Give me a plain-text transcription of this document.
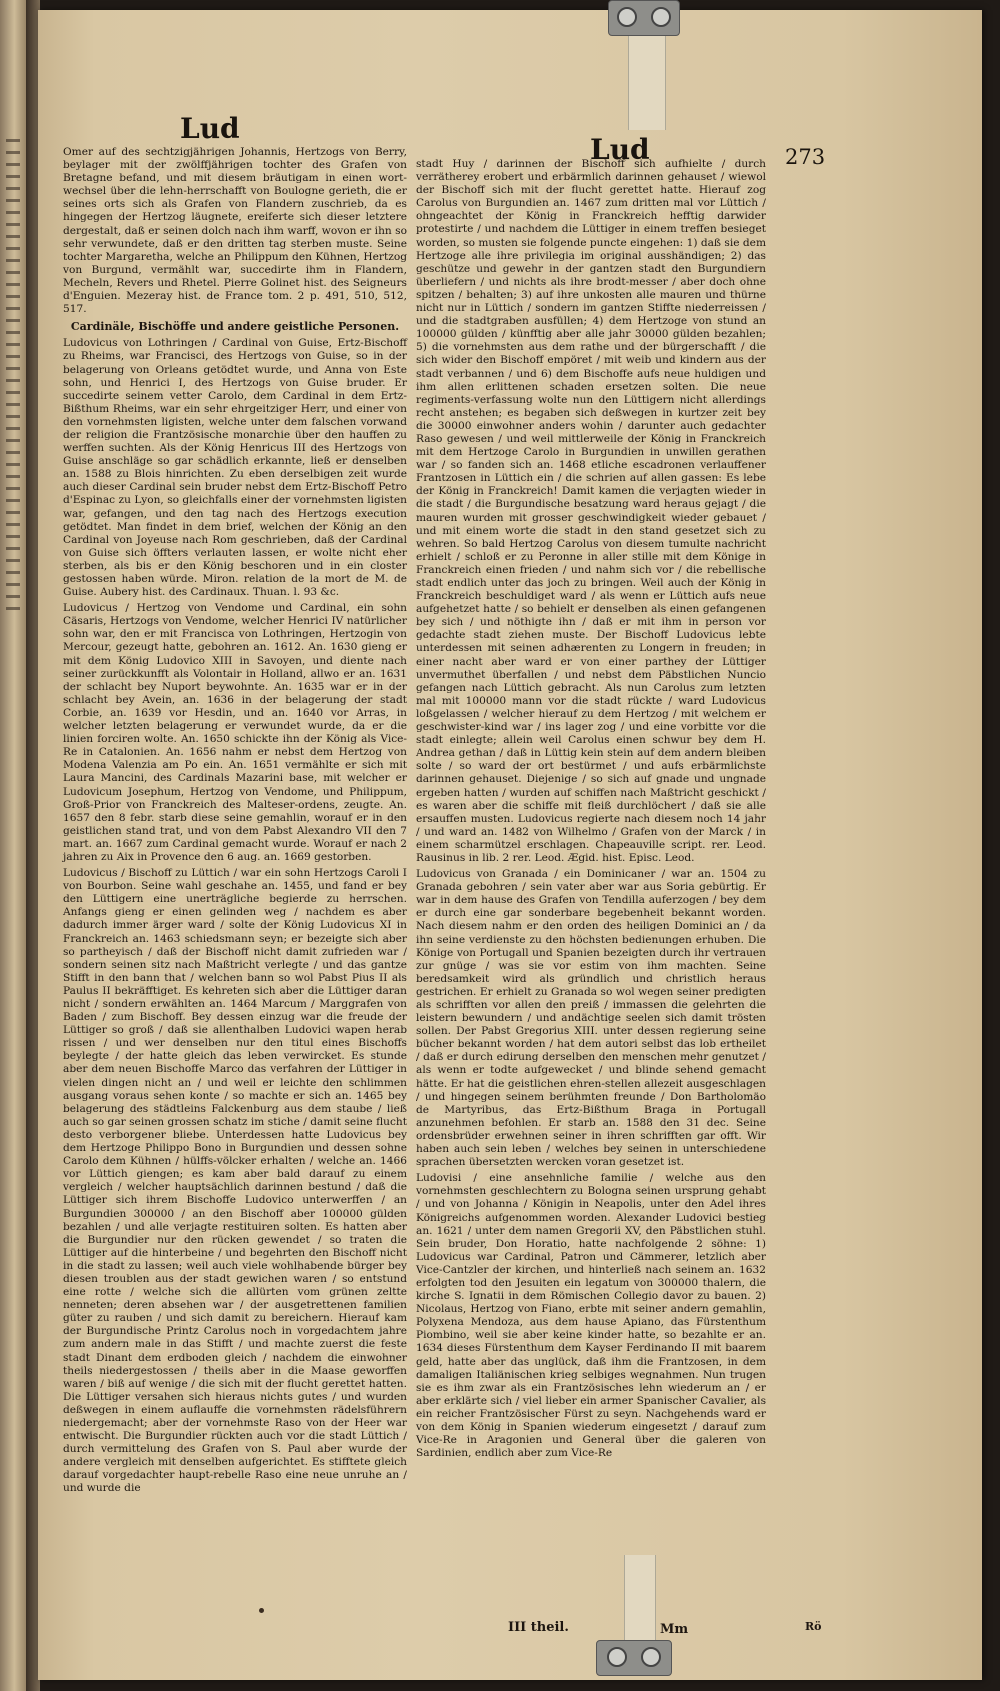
Lud
Lud	273

Omer auf des sechtzigjährigen Johannis, Hertzogs von Berry, beylager mit der zwölffjährigen tochter des Grafen von Bretagne befand, und mit diesem bräutigam in einen wort-wechsel über die lehn-herrschafft von Boulogne gerieth, die er seines orts sich als Grafen von Flandern zuschrieb, da es hingegen der Hertzog läugnete, ereiferte sich dieser letztere dergestalt, daß er seinen dolch nach ihm warff, wovon er ihn so sehr verwundete, daß er den dritten tag sterben muste. Seine tochter Margaretha, welche an Philippum den Kühnen, Hertzog von Burgund, vermählt war, succedirte ihm in Flandern, Mecheln, Revers und Rhetel. Pierre Golinet hist. des Seigneurs d'Enguien. Mezeray hist. de France tom. 2 p. 491, 510, 512, 517.

Cardinäle, Bischöffe und andere geistliche Personen.

Ludovicus von Lothringen / Cardinal von Guise, Ertz-Bischoff zu Rheims, war Francisci, des Hertzogs von Guise, so in der belagerung von Orleans getödtet wurde, und Anna von Este sohn, und Henrici I, des Hertzogs von Guise bruder. Er succedirte seinem vetter Carolo, dem Cardinal in dem Ertz-Bißthum Rheims, war ein sehr ehrgeitziger Herr, und einer von den vornehmsten ligisten, welche unter dem falschen vorwand der religion die Frantzösische monarchie über den hauffen zu werffen suchten. Als der König Henricus III des Hertzogs von Guise anschläge so gar schädlich erkannte, ließ er denselben an. 1588 zu Blois hinrichten. Zu eben derselbigen zeit wurde auch dieser Cardinal sein bruder nebst dem Ertz-Bischoff Petro d'Espinac zu Lyon, so gleichfalls einer der vornehmsten ligisten war, gefangen, und den tag nach des Hertzogs execution getödtet. Man findet in dem brief, welchen der König an den Cardinal von Joyeuse nach Rom geschrieben, daß der Cardinal von Guise sich öffters verlauten lassen, er wolte nicht eher sterben, als bis er den König beschoren und in ein closter gestossen haben würde. Miron. relation de la mort de M. de Guise. Aubery hist. des Cardinaux. Thuan. l. 93 &c.

Ludovicus / Hertzog von Vendome und Cardinal, ein sohn Cäsaris, Hertzogs von Vendome, welcher Henrici IV natürlicher sohn war, den er mit Francisca von Lothringen, Hertzogin von Mercour, gezeugt hatte, gebohren an. 1612. An. 1630 gieng er mit dem König Ludovico XIII in Savoyen, und diente nach seiner zurückkunfft als Volontair in Holland, allwo er an. 1631 der schlacht bey Nuport beywohnte. An. 1635 war er in der schlacht bey Avein, an. 1636 in der belagerung der stadt Corbie, an. 1639 vor Hesdin, und an. 1640 vor Arras, in welcher letzten belagerung er verwundet wurde, da er die linien forciren wolte. An. 1650 schickte ihn der König als Vice-Re in Catalonien. An. 1656 nahm er nebst dem Hertzog von Modena Valenzia am Po ein. An. 1651 vermählte er sich mit Laura Mancini, des Cardinals Mazarini base, mit welcher er Ludovicum Josephum, Hertzog von Vendome, und Philippum, Groß-Prior von Franckreich des Malteser-ordens, zeugte. An. 1657 den 8 febr. starb diese seine gemahlin, worauf er in den geistlichen stand trat, und von dem Pabst Alexandro VII den 7 mart. an. 1667 zum Cardinal gemacht wurde. Worauf er nach 2 jahren zu Aix in Provence den 6 aug. an. 1669 gestorben.

Ludovicus / Bischoff zu Lüttich / war ein sohn Hertzogs Caroli I von Bourbon. Seine wahl geschahe an. 1455, und fand er bey den Lüttigern eine unerträgliche begierde zu herrschen. Anfangs gieng er einen gelinden weg / nachdem es aber dadurch immer ärger ward / solte der König Ludovicus XI in Franckreich an. 1463 schiedsmann seyn; er bezeigte sich aber so partheyisch / daß der Bischoff nicht damit zufrieden war / sondern seinen sitz nach Maßtricht verlegte / und das gantze Stifft in den bann that / welchen bann so wol Pabst Pius II als Paulus II bekräfftiget. Es kehreten sich aber die Lüttiger daran nicht / sondern erwählten an. 1464 Marcum / Marggrafen von Baden / zum Bischoff. Bey dessen einzug war die freude der Lüttiger so groß / daß sie allenthalben Ludovici wapen herab rissen / und wer denselben nur den titul eines Bischoffs beylegte / der hatte gleich das leben verwircket. Es stunde aber dem neuen Bischoffe Marco das verfahren der Lüttiger in vielen dingen nicht an / und weil er leichte den schlimmen ausgang voraus sehen konte / so machte er sich an. 1465 bey belagerung des städtleins Falckenburg aus dem staube / ließ auch so gar seinen grossen schatz im stiche / damit seine flucht desto verborgener bliebe. Unterdessen hatte Ludovicus bey dem Hertzoge Philippo Bono in Burgundien und dessen sohne Carolo dem Kühnen / hülffs-völcker erhalten / welche an. 1466 vor Lüttich giengen; es kam aber bald darauf zu einem vergleich / welcher hauptsächlich darinnen bestund / daß die Lüttiger sich ihrem Bischoffe Ludovico unterwerffen / an Burgundien 300000 / an den Bischoff aber 100000 gülden bezahlen / und alle verjagte restituiren solten. Es hatten aber die Burgundier nur den rücken gewendet / so traten die Lüttiger auf die hinterbeine / und begehrten den Bischoff nicht in die stadt zu lassen; weil auch viele wohlhabende bürger bey diesen troublen aus der stadt gewichen waren / so entstund eine rotte / welche sich die allürten vom grünen zeltte nenneten; deren absehen war / der ausgetrettenen familien güter zu rauben / und sich damit zu bereichern. Hierauf kam der Burgundische Printz Carolus noch in vorgedachtem jahre zum andern male in das Stifft / und machte zuerst die feste stadt Dinant dem erdboden gleich / nachdem die einwohner theils niedergestossen / theils aber in die Maase geworffen waren / biß auf wenige / die sich mit der flucht gerettet hatten. Die Lüttiger versahen sich hieraus nichts gutes / und wurden deßwegen in einem auflauffe die vornehmsten rädelsführern niedergemacht; aber der vornehmste Raso von der Heer war entwischt. Die Burgundier rückten auch vor die stadt Lüttich / durch vermittelung des Grafen von S. Paul aber wurde der andere vergleich mit denselben aufgerichtet. Es stifftete gleich darauf vorgedachter haupt-rebelle Raso eine neue unruhe an / und wurde die

stadt Huy / darinnen der Bischoff sich aufhielte / durch verrätherey erobert und erbärmlich darinnen gehauset / wiewol der Bischoff sich mit der flucht gerettet hatte. Hierauf zog Carolus von Burgundien an. 1467 zum dritten mal vor Lüttich / ohngeachtet der König in Franckreich hefftig darwider protestirte / und nachdem die Lüttiger in einem treffen besieget worden, so musten sie folgende puncte eingehen: 1) daß sie dem Hertzoge alle ihre privilegia im original ausshändigen; 2) das geschütze und gewehr in der gantzen stadt den Burgundiern überliefern / und nichts als ihre brodt-messer / aber doch ohne spitzen / behalten; 3) auf ihre unkosten alle mauren und thürne nicht nur in Lüttich / sondern im gantzen Stiffte niederreissen / und die stadtgraben ausfüllen; 4) dem Hertzoge von stund an 100000 gülden / künfftig aber alle jahr 30000 gülden bezahlen; 5) die vornehmsten aus dem rathe und der bürgerschafft / die sich wider den Bischoff empöret / mit weib und kindern aus der stadt verbannen / und 6) dem Bischoffe aufs neue huldigen und ihm allen erlittenen schaden ersetzen solten. Die neue regiments-verfassung wolte nun den Lüttigern nicht allerdings recht anstehen; es begaben sich deßwegen in kurtzer zeit bey die 30000 einwohner anders wohin / darunter auch gedachter Raso gewesen / und weil mittlerweile der König in Franckreich mit dem Hertzoge Carolo in Burgundien in unwillen gerathen war / so fanden sich an. 1468 etliche escadronen verlauffener Frantzosen in Lüttich ein / die schrien auf allen gassen: Es lebe der König in Franckreich! Damit kamen die verjagten wieder in die stadt / die Burgundische besatzung ward heraus gejagt / die mauren wurden mit grosser geschwindigkeit wieder gebauet / und mit einem worte die stadt in den stand gesetzet sich zu wehren. So bald Hertzog Carolus von diesem tumulte nachricht erhielt / schloß er zu Peronne in aller stille mit dem Könige in Franckreich einen frieden / und nahm sich vor / die rebellische stadt endlich unter das joch zu bringen. Weil auch der König in Franckreich beschuldiget ward / als wenn er Lüttich aufs neue aufgehetzet hatte / so behielt er denselben als einen gefangenen bey sich / und nöthigte ihn / daß er mit ihm in person vor gedachte stadt ziehen muste. Der Bischoff Ludovicus lebte unterdessen mit seinen adhærenten zu Longern in freuden; in einer nacht aber ward er von einer parthey der Lüttiger unvermuthet überfallen / und nebst dem Päbstlichen Nuncio gefangen nach Lüttich gebracht. Als nun Carolus zum letzten mal mit 100000 mann vor die stadt rückte / ward Ludovicus loßgelassen / welcher hierauf zu dem Hertzog / mit welchem er geschwister-kind war / ins lager zog / und eine vorbitte vor die stadt einlegte; allein weil Carolus einen schwur bey dem H. Andrea gethan / daß in Lüttig kein stein auf dem andern bleiben solte / so ward der ort bestürmet / und aufs erbärmlichste darinnen gehauset. Diejenige / so sich auf gnade und ungnade ergeben hatten / wurden auf schiffen nach Maßtricht geschickt / es waren aber die schiffe mit fleiß durchlöchert / daß sie alle ersauffen musten. Ludovicus regierte nach diesem noch 14 jahr / und ward an. 1482 von Wilhelmo / Grafen von der Marck / in einem scharmützel erschlagen. Chapeauville script. rer. Leod. Rausinus in lib. 2 rer. Leod. Ægid. hist. Episc. Leod.

Ludovicus von Granada / ein Dominicaner / war an. 1504 zu Granada gebohren / sein vater aber war aus Soria gebürtig. Er war in dem hause des Grafen von Tendilla auferzogen / bey dem er durch eine gar sonderbare begebenheit bekannt worden. Nach diesem nahm er den orden des heiligen Dominici an / da ihn seine verdienste zu den höchsten bedienungen erhuben. Die Könige von Portugall und Spanien bezeigten durch ihr vertrauen zur gnüge / was sie vor estim von ihm machten. Seine beredsamkeit wird als gründlich und christlich heraus gestrichen. Er erhielt zu Granada so wol wegen seiner predigten als schrifften vor allen den preiß / immassen die gelehrten die leistern bewundern / und andächtige seelen sich damit trösten sollen. Der Pabst Gregorius XIII. unter dessen regierung seine bücher bekannt worden / hat dem autori selbst das lob ertheilet / daß er durch edirung derselben den menschen mehr genutzet / als wenn er todte aufgewecket / und blinde sehend gemacht hätte. Er hat die geistlichen ehren-stellen allezeit ausgeschlagen / und hingegen seinem berühmten freunde / Don Bartholomäo de Martyribus, das Ertz-Bißthum Braga in Portugall anzunehmen befohlen. Er starb an. 1588 den 31 dec. Seine ordensbrüder erwehnen seiner in ihren schrifften gar offt. Wir haben auch sein leben / welches bey seinen in unterschiedene sprachen übersetzten wercken voran gesetzet ist.

Ludovisi / eine ansehnliche familie / welche aus den vornehmsten geschlechtern zu Bologna seinen ursprung gehabt / und von Johanna / Königin in Neapolis, unter den Adel ihres Königreichs aufgenommen worden. Alexander Ludovici bestieg an. 1621 / unter dem namen Gregorii XV, den Päbstlichen stuhl. Sein bruder, Don Horatio, hatte nachfolgende 2 söhne: 1) Ludovicus war Cardinal, Patron und Cämmerer, letzlich aber Vice-Cantzler der kirchen, und hinterließ nach seinem an. 1632 erfolgten tod den Jesuiten ein legatum von 300000 thalern, die kirche S. Ignatii in dem Römischen Collegio davor zu bauen. 2) Nicolaus, Hertzog von Fiano, erbte mit seiner andern gemahlin, Polyxena Mendoza, aus dem hause Apiano, das Fürstenthum Piombino, weil sie aber keine kinder hatte, so bezahlte er an. 1634 dieses Fürstenthum dem Kayser Ferdinando II mit baarem geld, hatte aber das unglück, daß ihm die Frantzosen, in dem damaligen Italiänischen krieg selbiges wegnahmen. Nun trugen sie es ihm zwar als ein Frantzösisches lehn wiederum an / er aber erklärte sich / viel lieber ein armer Spanischer Cavalier, als ein reicher Frantzösischer Fürst zu seyn. Nachgehends ward er von dem König in Spanien wiederum eingesetzt / darauf zum Vice-Re in Aragonien und General über die galeren von Sardinien, endlich aber zum Vice-Re

III theil.	Mm	Rö
